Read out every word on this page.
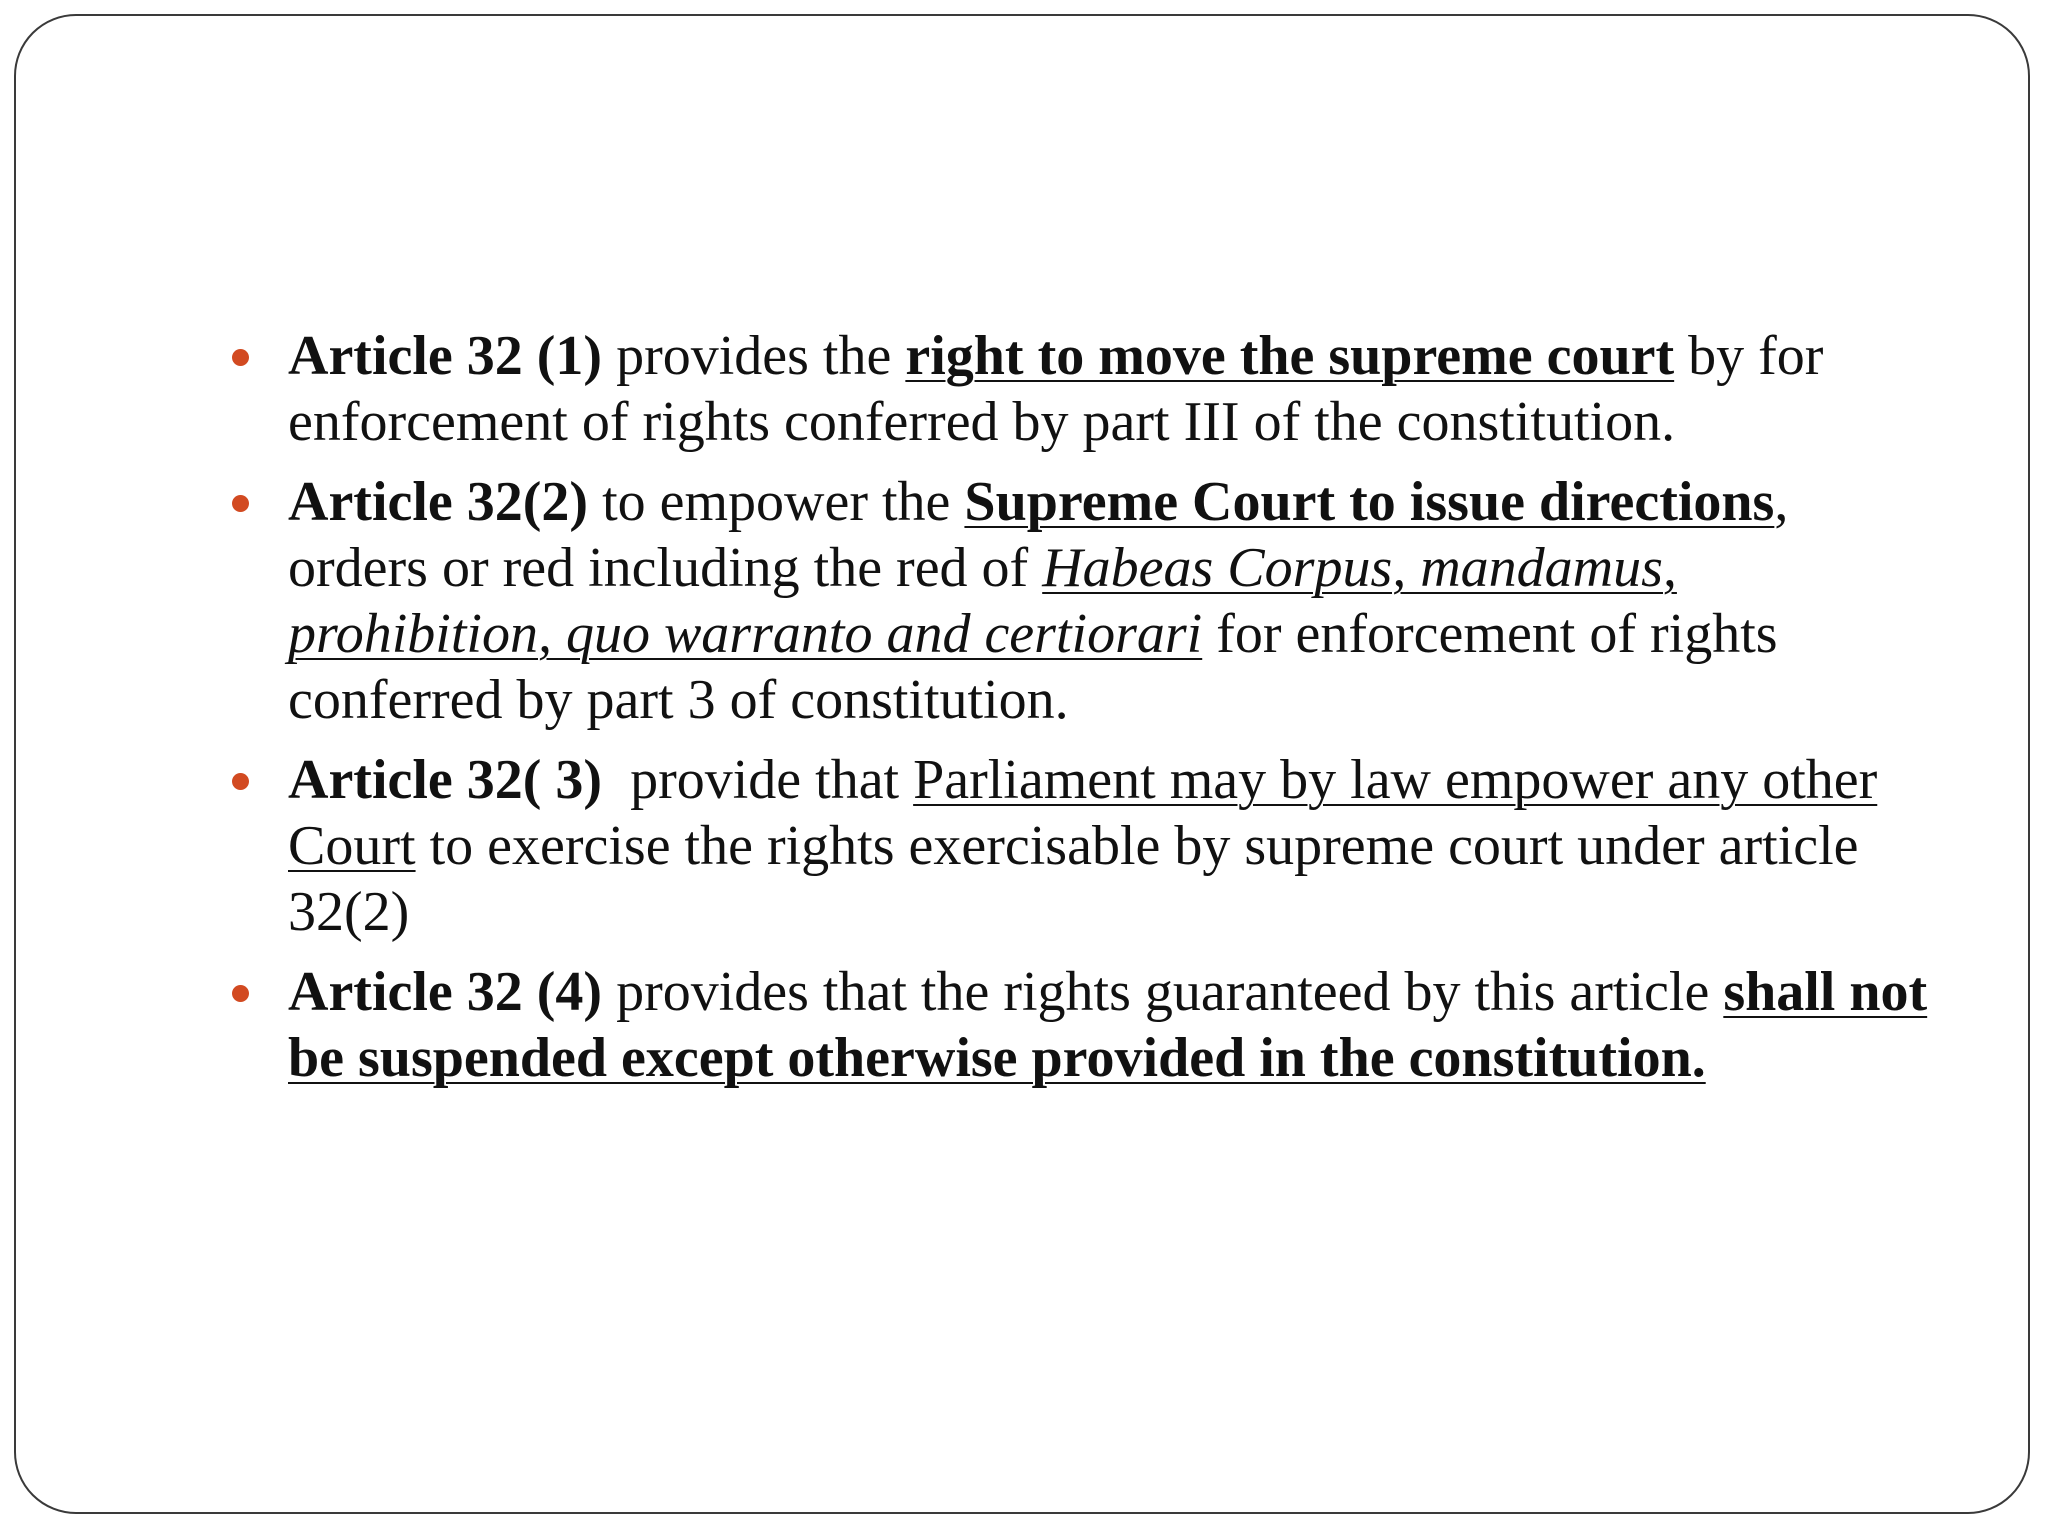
Article 32 (1) provides the right to move the supreme court by for enforcement of rights conferred by part III of the constitution.
Article 32(2) to empower the Supreme Court to issue directions, orders or red including the red of Habeas Corpus, mandamus, prohibition, quo warranto and certiorari for enforcement of rights conferred by part 3 of constitution.
Article 32( 3)  provide that Parliament may by law empower any other Court to exercise the rights exercisable by supreme court under article 32(2)
Article 32 (4) provides that the rights guaranteed by this article shall not be suspended except otherwise provided in the constitution.
